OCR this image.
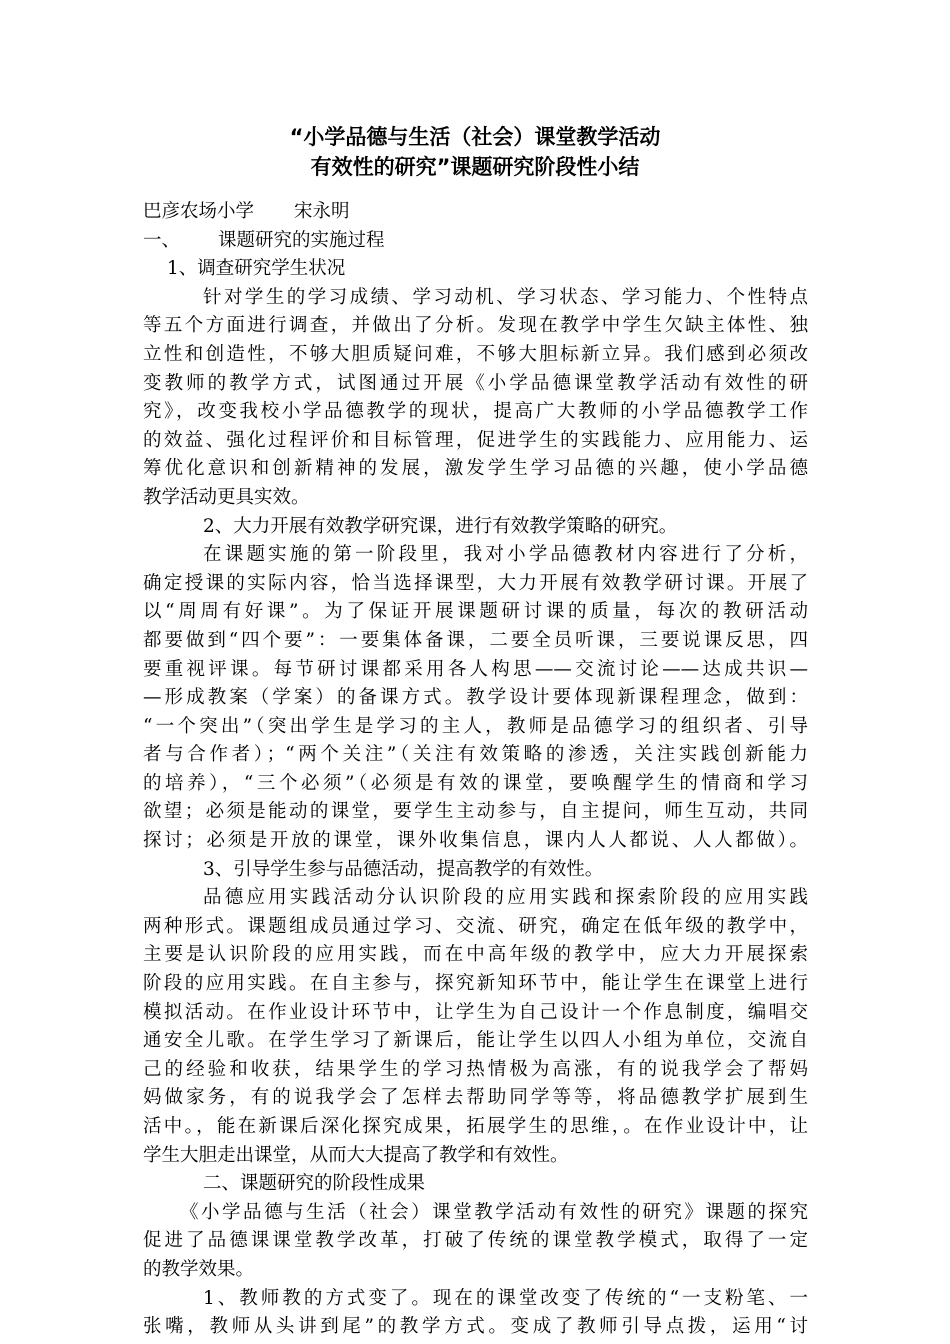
“小学品德与生活（社会）课堂教学活动
有效性的研究”课题研究阶段性小结
巴彦农场小学 宋永明
一、 课题研究的实施过程
1、调查研究学生状况
针对学生的学习成绩、学习动机、学习状态、学习能力、个性特点
等五个方面进行调查，并做出了分析。发现在教学中学生欠缺主体性、独
立性和创造性，不够大胆质疑问难，不够大胆标新立异。我们感到必须改
变教师的教学方式，试图通过开展《小学品德课堂教学活动有效性的研
究》，改变我校小学品德教学的现状，提高广大教师的小学品德教学工作
的效益、强化过程评价和目标管理，促进学生的实践能力、应用能力、运
筹优化意识和创新精神的发展，激发学生学习品德的兴趣，使小学品德
教学活动更具实效。
2、大力开展有效教学研究课，进行有效教学策略的研究。
在课题实施的第一阶段里，我对小学品德教材内容进行了分析，
确定授课的实际内容，恰当选择课型，大力开展有效教学研讨课。开展了
以“周周有好课”。为了保证开展课题研讨课的质量，每次的教研活动
都要做到“四个要”：一要集体备课，二要全员听课，三要说课反思，四
要重视评课。每节研讨课都采用各人构思——交流讨论——达成共识—
—形成教案（学案）的备课方式。教学设计要体现新课程理念，做到：
“一个突出”（突出学生是学习的主人，教师是品德学习的组织者、引导
者与合作者）；“两个关注”（关注有效策略的渗透，关注实践创新能力
的培养），“三个必须”（必须是有效的课堂，要唤醒学生的情商和学习
欲望；必须是能动的课堂，要学生主动参与，自主提问，师生互动，共同
探讨；必须是开放的课堂，课外收集信息，课内人人都说、人人都做）。
3、引导学生参与品德活动，提高教学的有效性。
品德应用实践活动分认识阶段的应用实践和探索阶段的应用实践
两种形式。课题组成员通过学习、交流、研究，确定在低年级的教学中，
主要是认识阶段的应用实践，而在中高年级的教学中，应大力开展探索
阶段的应用实践。在自主参与，探究新知环节中，能让学生在课堂上进行
模拟活动。在作业设计环节中，让学生为自己设计一个作息制度，编唱交
通安全儿歌。在学生学习了新课后，能让学生以四人小组为单位，交流自
己的经验和收获，结果学生的学习热情极为高涨，有的说我学会了帮妈
妈做家务，有的说我学会了怎样去帮助同学等等，将品德教学扩展到生
活中。，能在新课后深化探究成果，拓展学生的思维，。在作业设计中，让
学生大胆走出课堂，从而大大提高了教学和有效性。
二、课题研究的阶段性成果
《小学品德与生活（社会）课堂教学活动有效性的研究》课题的探究
促进了品德课课堂教学改革，打破了传统的课堂教学模式，取得了一定
的教学效果。
1、教师教的方式变了。现在的课堂改变了传统的“一支粉笔、一
张嘴，教师从头讲到尾”的教学方式。变成了教师引导点拨，运用“讨
